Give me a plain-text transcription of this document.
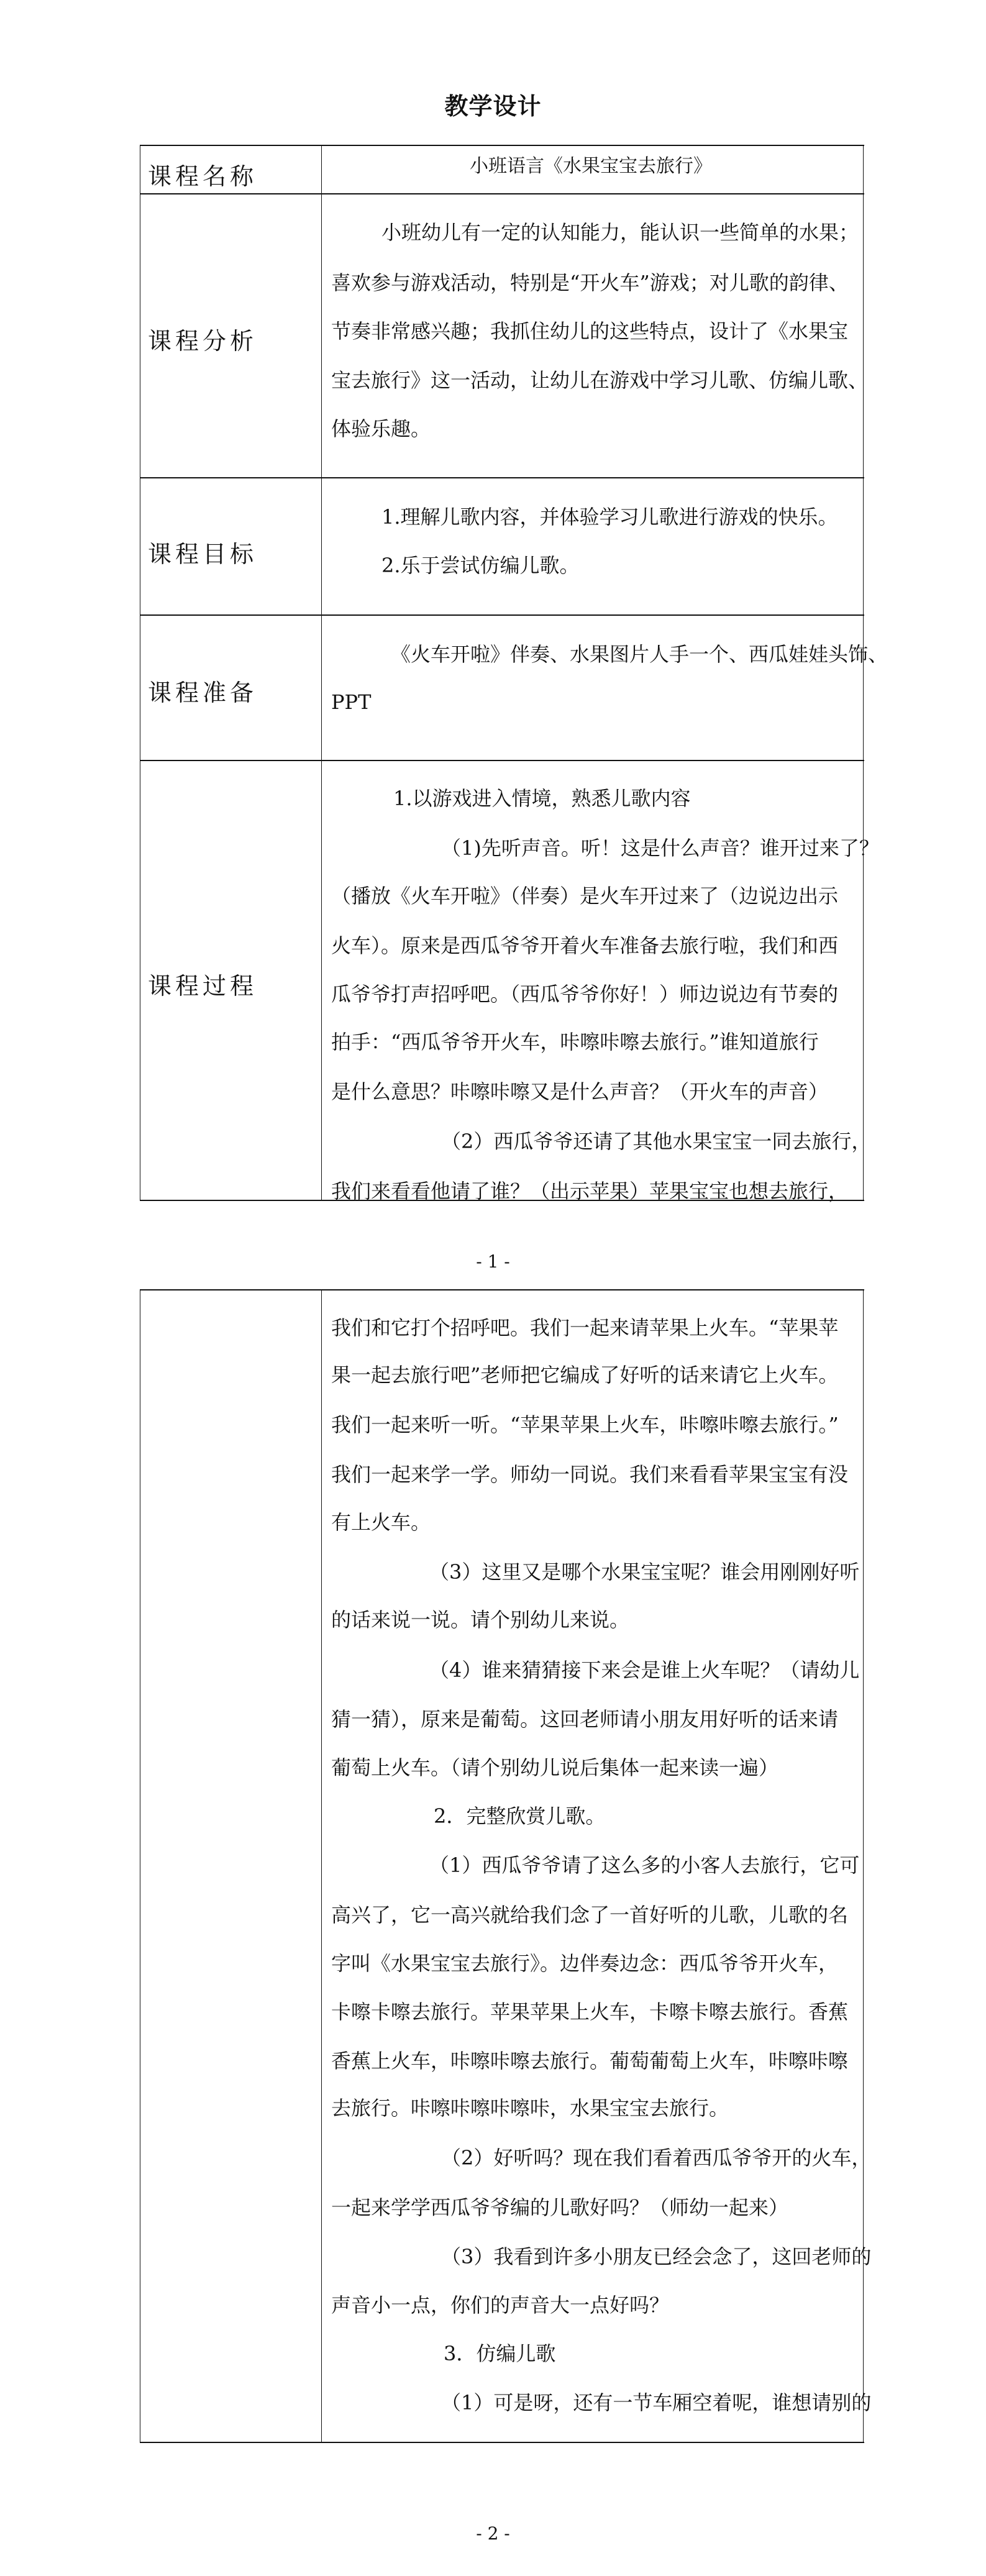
教学设计
课程名称	小班语言《水果宝宝去旅行》
课程分析
小班幼儿有一定的认知能力，能认识一些简单的水果；
喜欢参与游戏活动，特别是“开火车”游戏；对儿歌的韵律、
节奏非常感兴趣；我抓住幼儿的这些特点，设计了《水果宝
宝去旅行》这一活动，让幼儿在游戏中学习儿歌、仿编儿歌、
体验乐趣。
课程目标
1.理解儿歌内容，并体验学习儿歌进行游戏的快乐。
2.乐于尝试仿编儿歌。
课程准备
《火车开啦》伴奏、水果图片人手一个、西瓜娃娃头饰、
PPT
课程过程
1.以游戏进入情境，熟悉儿歌内容
（1)先听声音。听！这是什么声音？谁开过来了？
（播放《火车开啦》（伴奏）是火车开过来了（边说边出示
火车）。原来是西瓜爷爷开着火车准备去旅行啦，我们和西
瓜爷爷打声招呼吧。（西瓜爷爷你好！）师边说边有节奏的
拍手：“西瓜爷爷开火车，咔嚓咔嚓去旅行。”谁知道旅行
是什么意思？咔嚓咔嚓又是什么声音？（开火车的声音）
（2）西瓜爷爷还请了其他水果宝宝一同去旅行，
我们来看看他请了谁？（出示苹果）苹果宝宝也想去旅行，
- 1 -
我们和它打个招呼吧。我们一起来请苹果上火车。“苹果苹
果一起去旅行吧”老师把它编成了好听的话来请它上火车。
我们一起来听一听。“苹果苹果上火车，咔嚓咔嚓去旅行。”
我们一起来学一学。师幼一同说。我们来看看苹果宝宝有没
有上火车。
（3）这里又是哪个水果宝宝呢？谁会用刚刚好听
的话来说一说。请个别幼儿来说。
（4）谁来猜猜接下来会是谁上火车呢？（请幼儿
猜一猜），原来是葡萄。这回老师请小朋友用好听的话来请
葡萄上火车。（请个别幼儿说后集体一起来读一遍）
2．完整欣赏儿歌。
（1）西瓜爷爷请了这么多的小客人去旅行，它可
高兴了，它一高兴就给我们念了一首好听的儿歌，儿歌的名
字叫《水果宝宝去旅行》。边伴奏边念：西瓜爷爷开火车，
卡嚓卡嚓去旅行。苹果苹果上火车，卡嚓卡嚓去旅行。香蕉
香蕉上火车，咔嚓咔嚓去旅行。葡萄葡萄上火车，咔嚓咔嚓
去旅行。咔嚓咔嚓咔嚓咔，水果宝宝去旅行。
（2）好听吗？现在我们看着西瓜爷爷开的火车，
一起来学学西瓜爷爷编的儿歌好吗？（师幼一起来）
（3）我看到许多小朋友已经会念了，这回老师的
声音小一点，你们的声音大一点好吗？
3．仿编儿歌
（1）可是呀，还有一节车厢空着呢，谁想请别的
- 2 -
